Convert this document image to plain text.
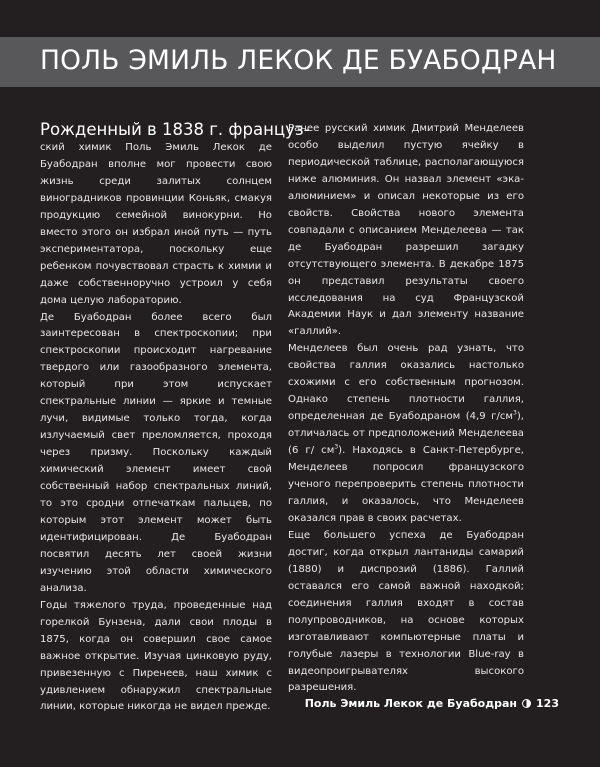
ПОЛЬ ЭМИЛЬ ЛЕКОК ДЕ БУАБОДРАН
Рожденный в 1838 г. француз-

ский химик Поль Эмиль Лекок де Буабодран вполне мог провести свою жизнь среди залитых солнцем виноградников провинции Коньяк, смакуя продукцию семейной винокурни. Но вместо этого он избрал иной путь — путь экспериментатора, поскольку еще ребенком почувствовал страсть к химии и даже собственноручно устроил у себя дома целую лабораторию.

Де Буабодран более всего был заинтересован в спектроскопии; при спектроскопии происходит нагревание твердого или газообразного элемента, который при этом испускает спектральные линии — яркие и темные лучи, видимые только тогда, когда излучаемый свет преломляется, проходя через призму. Поскольку каждый химический элемент имеет свой собственный набор спектральных линий, то это сродни отпечаткам пальцев, по которым этот элемент может быть идентифицирован. Де Буабодран посвятил десять лет своей жизни изучению этой области химического анализа.

Годы тяжелого труда, проведенные над горелкой Бунзена, дали свои плоды в 1875, когда он совершил свое самое важное открытие. Изучая цинковую руду, привезенную с Пиренеев, наш химик с удивлением обнаружил спектральные линии, которые никогда не видел прежде.

Ранее русский химик Дмитрий Менделеев особо выделил пустую ячейку в периодической таблице, располагающуюся ниже алюминия. Он назвал элемент «эка-алюминием» и описал некоторые из его свойств. Свойства нового элемента совпадали с описанием Менделеева — так де Буабодран разрешил загадку отсутствующего элемента. В декабре 1875 он представил результаты своего исследования на суд Французской Академии Наук и дал элементу название «галлий».

Менделеев был очень рад узнать, что свойства галлия оказались настолько схожими с его собственным прогнозом. Однако степень плотности галлия, определенная де Буабодраном (4,9 $г/см^3$), отличалась от предположений Менделеева (6 г/ $см^3$). Находясь в Санкт-Петербурге, Менделеев попросил французского ученого перепроверить степень плотности галлия, и оказалось, что Менделеев оказался прав в своих расчетах.

Еще большего успеха де Буабодран достиг, когда открыл лантаниды самарий (1880) и диспрозий (1886). Галлий оставался его самой важной находкой; соединения галлия входят в состав полупроводников, на основе которых изготавливают компьютерные платы и голубые лазеры в технологии Blue-ray в видеопроигрывателях высокого разрешения.

Поль Эмиль Лекок де Буабодран 123
